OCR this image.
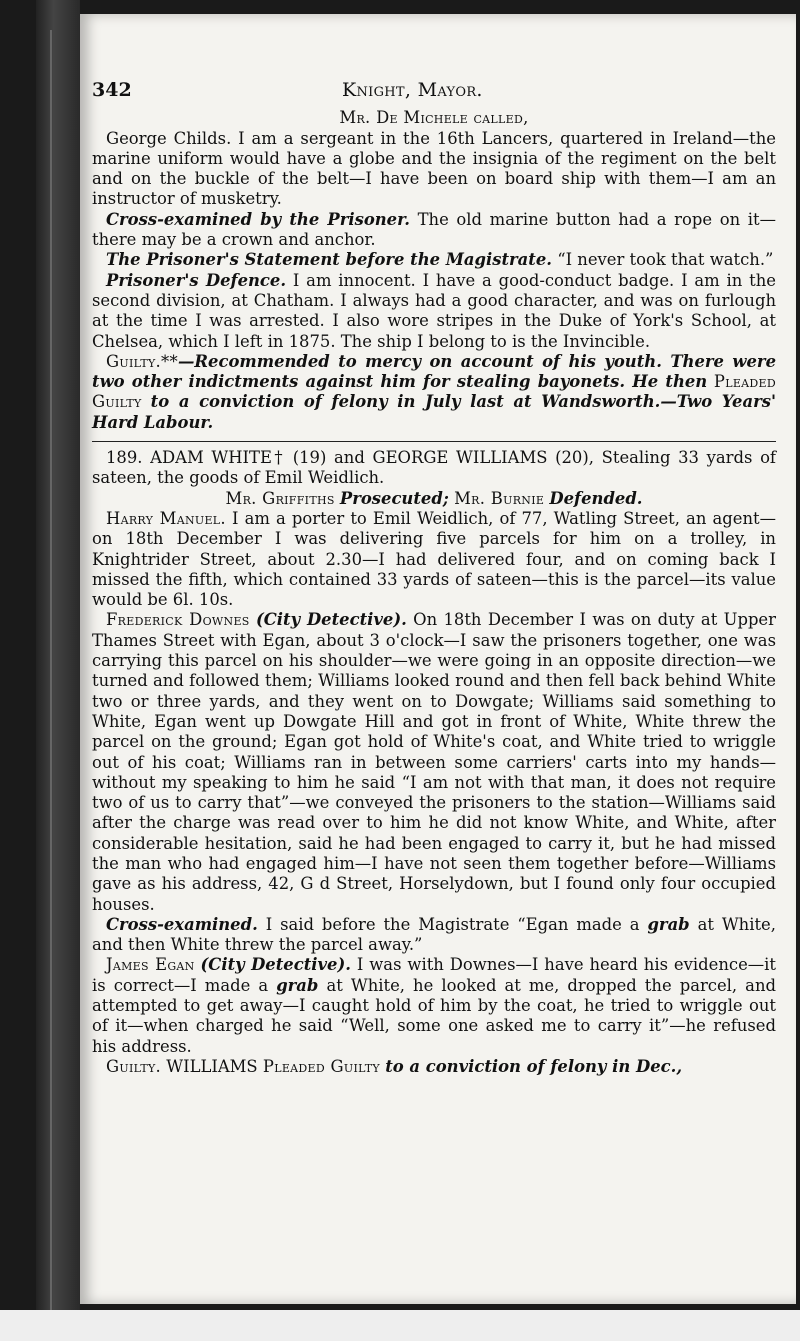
342	Knight, Mayor.

Mr. De Michele called,

George Childs. I am a sergeant in the 16th Lancers, quartered in Ireland—the marine uniform would have a globe and the insignia of the regiment on the belt and on the buckle of the belt—I have been on board ship with them—I am an instructor of musketry.

Cross-examined by the Prisoner. The old marine button had a rope on it—there may be a crown and anchor.

The Prisoner's Statement before the Magistrate. “I never took that watch.”

Prisoner's Defence. I am innocent. I have a good-conduct badge. I am in the second division, at Chatham. I always had a good character, and was on furlough at the time I was arrested. I also wore stripes in the Duke of York's School, at Chelsea, which I left in 1875. The ship I belong to is the Invincible.

Guilty.**—Recommended to mercy on account of his youth. There were two other indictments against him for stealing bayonets. He then Pleaded Guilty to a conviction of felony in July last at Wandsworth.—Two Years' Hard Labour.

189. ADAM WHITE† (19) and GEORGE WILLIAMS (20), Stealing 33 yards of sateen, the goods of Emil Weidlich.

Mr. Griffiths Prosecuted; Mr. Burnie Defended.

Harry Manuel. I am a porter to Emil Weidlich, of 77, Watling Street, an agent—on 18th December I was delivering five parcels for him on a trolley, in Knightrider Street, about 2.30—I had delivered four, and on coming back I missed the fifth, which contained 33 yards of sateen—this is the parcel—its value would be 6l. 10s.

Frederick Downes (City Detective). On 18th December I was on duty at Upper Thames Street with Egan, about 3 o'clock—I saw the prisoners together, one was carrying this parcel on his shoulder—we were going in an opposite direction—we turned and followed them; Williams looked round and then fell back behind White two or three yards, and they went on to Dowgate; Williams said something to White, Egan went up Dowgate Hill and got in front of White, White threw the parcel on the ground; Egan got hold of White's coat, and White tried to wriggle out of his coat; Williams ran in between some carriers' carts into my hands—without my speaking to him he said “I am not with that man, it does not require two of us to carry that”—we conveyed the prisoners to the station—Williams said after the charge was read over to him he did not know White, and White, after considerable hesitation, said he had been engaged to carry it, but he had missed the man who had engaged him—I have not seen them together before—Williams gave as his address, 42, G d Street, Horselydown, but I found only four occupied houses.

Cross-examined. I said before the Magistrate “Egan made a grab at White, and then White threw the parcel away.”

James Egan (City Detective). I was with Downes—I have heard his evidence—it is correct—I made a grab at White, he looked at me, dropped the parcel, and attempted to get away—I caught hold of him by the coat, he tried to wriggle out of it—when charged he said “Well, some one asked me to carry it”—he refused his address.

Guilty. WILLIAMS Pleaded Guilty to a conviction of felony in Dec.,
